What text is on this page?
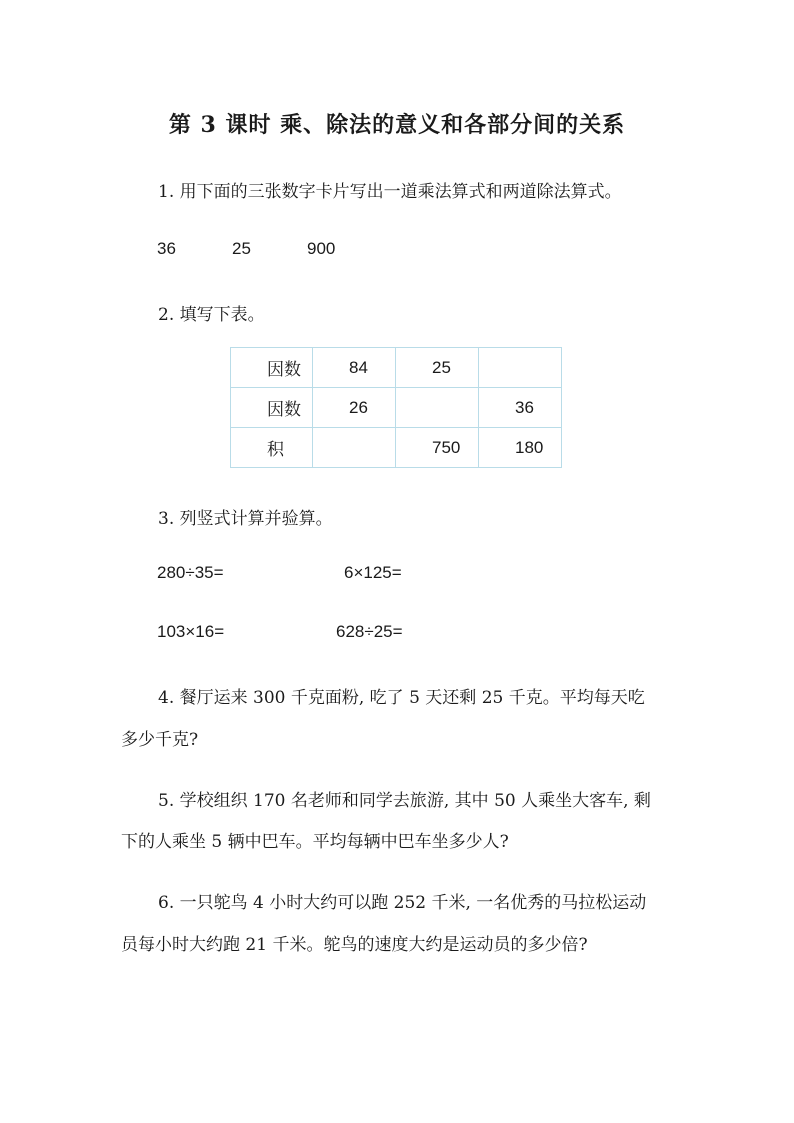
第 3 课时 乘、除法的意义和各部分间的关系
1. 用下面的三张数字卡片写出一道乘法算式和两道除法算式。
36	25	900
2. 填写下表。
因数	84	25	
因数	26		36
积		750	180
3. 列竖式计算并验算。
280÷35=	6×125=
103×16=	628÷25=
4. 餐厅运来 300 千克面粉, 吃了 5 天还剩 25 千克。平均每天吃
多少千克?
5. 学校组织 170 名老师和同学去旅游, 其中 50 人乘坐大客车, 剩
下的人乘坐 5 辆中巴车。平均每辆中巴车坐多少人?
6. 一只鸵鸟 4 小时大约可以跑 252 千米, 一名优秀的马拉松运动
员每小时大约跑 21 千米。鸵鸟的速度大约是运动员的多少倍?
